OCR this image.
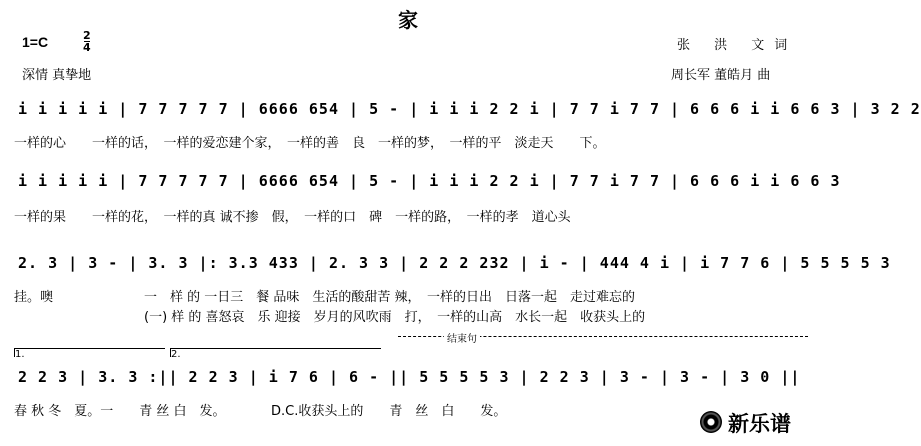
家
1=C	2
4
深情 真挚地
张 洪 文词
周长军 董皓月 曲
i i i i i | 7 7 7 7 7 | 6666 654 | 5 - | i i i 2 2 i | 7 7 i 7 7 | 6 6 6 i i 6 6 3 | 3 2 2
一样的心　　一样的话，　一样的爱恋建个家，　一样的善　良　一样的梦，　一样的平　淡走天　　下。
i i i i i | 7 7 7 7 7 | 6666 654 | 5 - | i i i 2 2 i | 7 7 i 7 7 | 6 6 6 i i 6 6 3
一样的果　　一样的花，　一样的真 诚不掺　假，　一样的口　碑　一样的路，　一样的孝　道心头
2. 3 | 3 - | 3. 3 |: 3.3 433 | 2. 3 3 | 2 2 2 232 | i - | 444 4 i | i 7 7 6 | 5 5 5 5 3
挂。噢　　　　　　　一　样 的 一日三　餐 品味　生活的酸甜苦 辣，　一样的日出　日落一起　走过难忘的
　　　　　　　　　　(一) 样 的 喜怒哀　乐 迎接　岁月的风吹雨　打，　一样的山高　水长一起　收获头上的
1.	2.
结束句
2 2 3 | 3. 3 :|| 2 2 3 | i 7 6 | 6 - || 5 5 5 5 3 | 2 2 3 | 3 - | 3 - | 3 0 ||
春 秋 冬　夏。一　　青 丝 白　发。　　　　D.C.收获头上的　　青　丝　白　　发。
新乐谱
